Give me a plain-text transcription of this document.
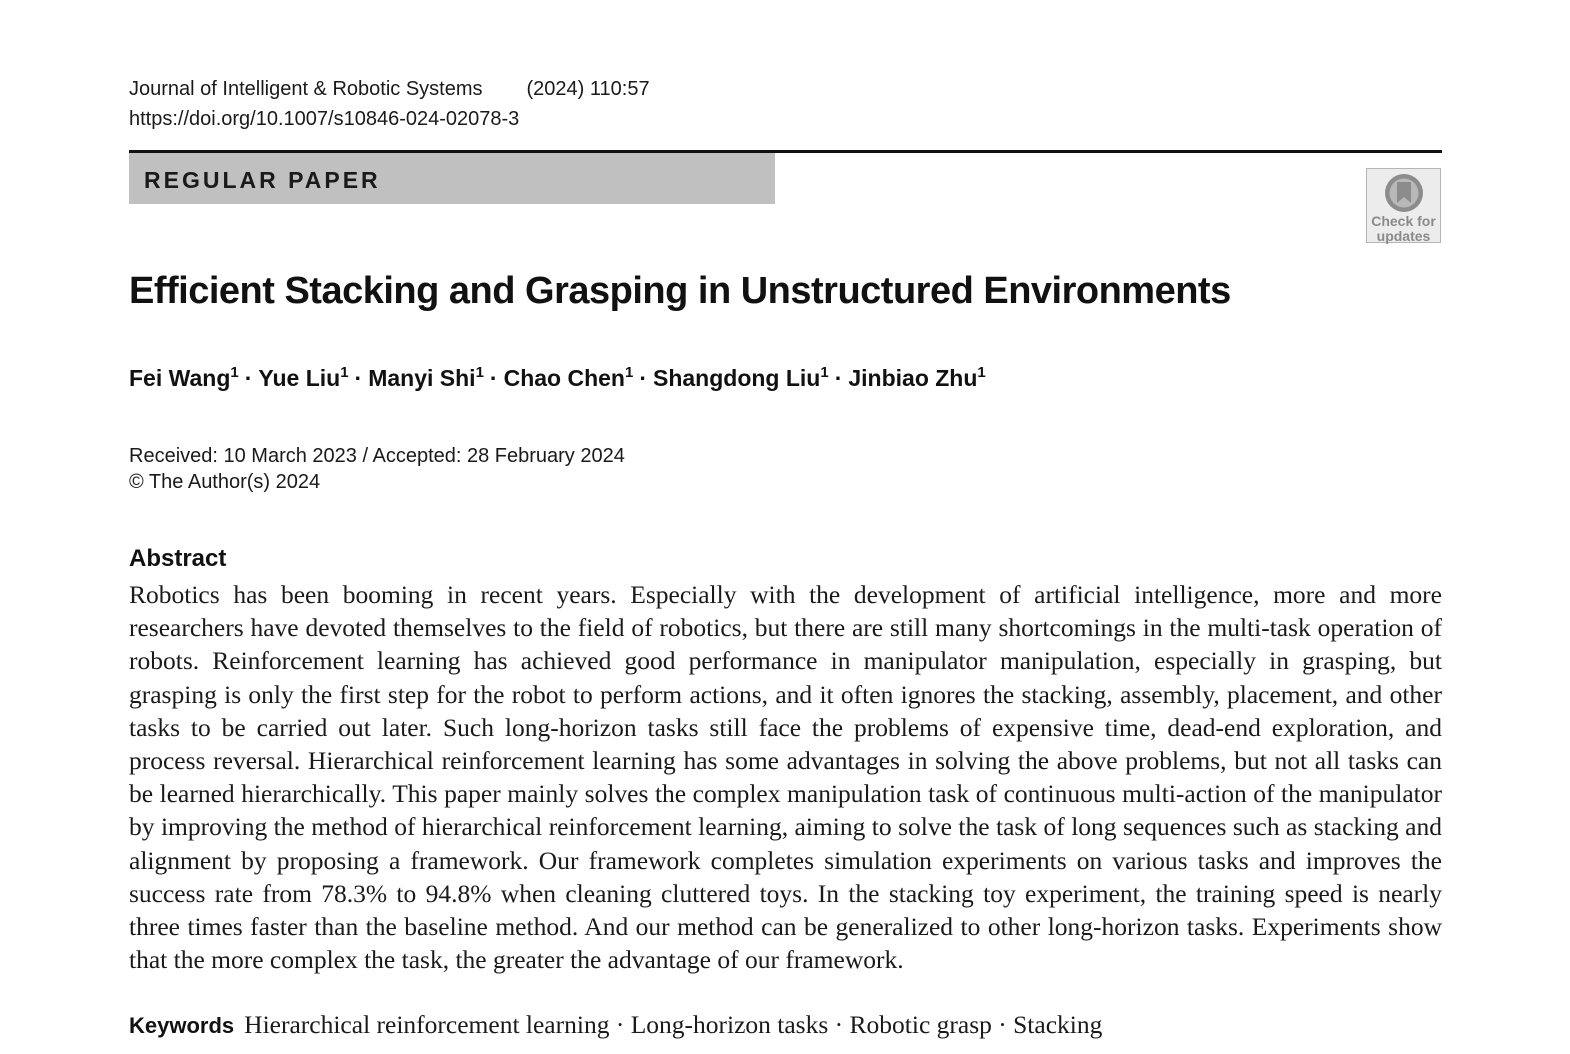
Journal of Intelligent & Robotic Systems (2024) 110:57
https://doi.org/10.1007/s10846-024-02078-3
REGULAR PAPER
Check for
updates
Efficient Stacking and Grasping in Unstructured Environments
Fei Wang$^1$ · Yue Liu$^1$ · Manyi Shi$^1$ · Chao Chen$^1$ · Shangdong Liu$^1$ · Jinbiao Zhu$^1$
Received: 10 March 2023 / Accepted: 28 February 2024
© The Author(s) 2024
Abstract
Robotics has been booming in recent years. Especially with the development of artificial intelligence, more and more researchers have devoted themselves to the field of robotics, but there are still many shortcomings in the multi-task operation of robots. Reinforcement learning has achieved good performance in manipulator manipulation, especially in grasping, but grasping is only the first step for the robot to perform actions, and it often ignores the stacking, assembly, placement, and other tasks to be carried out later. Such long-horizon tasks still face the problems of expensive time, dead-end exploration, and process reversal. Hierarchical reinforcement learning has some advantages in solving the above problems, but not all tasks can be learned hierarchically. This paper mainly solves the complex manipulation task of continuous multi-action of the manipulator by improving the method of hierarchical reinforcement learning, aiming to solve the task of long sequences such as stacking and alignment by proposing a framework. Our framework completes simulation experiments on various tasks and improves the success rate from 78.3% to 94.8% when cleaning cluttered toys. In the stacking toy experiment, the training speed is nearly three times faster than the baseline method. And our method can be generalized to other long-horizon tasks. Experiments show that the more complex the task, the greater the advantage of our framework.
Keywords Hierarchical reinforcement learning · Long-horizon tasks · Robotic grasp · Stacking
